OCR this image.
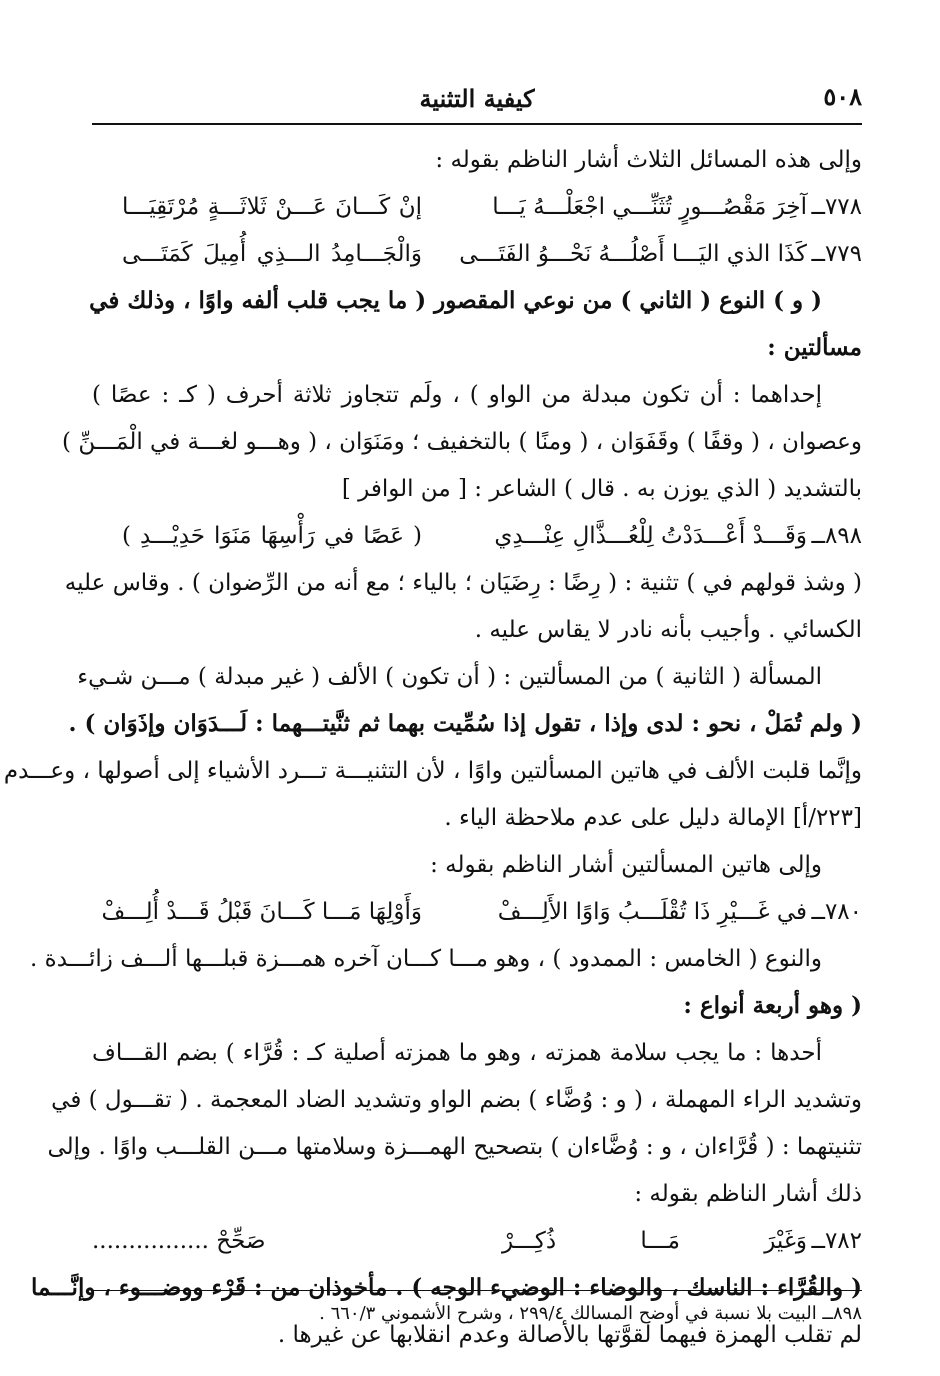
٥٠٨
كيفية التثنية
وإلى هذه المسائل الثلاث أشار الناظم بقوله :
٧٧٨ــ
آخِرَ مَقْصُـــورٍ تُثَنِّـــي اجْعَلْـــهُ يَـــا
إنْ كَـــانَ عَـــنْ ثَلاثَـــةٍ مُرْتَقِيَـــا
٧٧٩ــ
كَذَا الذي اليَـــا أَصْلُـــهُ نَحْـــوُ الفَتَـــى
وَالْجَـــامِدُ الـــذِي أُمِيلَ كَمَتَـــى
( و ) النوع ( الثاني ) من نوعي المقصور ( ما يجب قلب ألفه واوًا ، وذلك في
مسألتين :
إحداهما : أن تكون مبدلة من الواو ) ، ولَم تتجاوز ثلاثة أحرف ( كـ : عصًا )
وعصوان ، ( وقفًا ) وقَفَوَان ، ( ومنًا ) بالتخفيف ؛ ومَنَوَان ، ( وهـــو لغـــة في الْمَـــنِّ )
بالتشديد ( الذي يوزن به . قال ) الشاعر : [ من الوافر ]
٨٩٨ــ
وَقَـــدْ أَعْـــدَدْتُ لِلْعُـــذَّالِ عِنْـــدِي
( عَصًا في رَأْسِهَا مَنَوَا حَدِيْـــدِ )
( وشذ قولهم في ) تثنية : ( رِضًا : رِضَيَان ؛ بالياء ؛ مع أنه من الرِّضوان ) . وقاس عليه
الكسائي . وأجيب بأنه نادر لا يقاس عليه .
المسألة ( الثانية ) من المسألتين : ( أن تكون ) الألف ( غير مبدلة ) مـــن شـيء
( ولم تُمَلْ ، نحو : لدى وإذا ، تقول إذا سُمِّيت بهما ثم ثنَّيتـــهما : لَـــدَوَان وإذَوَان ) .
وإنَّما قلبت الألف في هاتين المسألتين واوًا ، لأن التثنيـــة تـــرد الأشياء إلى أصولها ، وعـــدم
[٢٢٣/أ] الإمالة دليل على عدم ملاحظة الياء .
وإلى هاتين المسألتين أشار الناظم بقوله :
٧٨٠ــ
في غَـــيْرِ ذَا تُقْلَـــبُ وَاوًا الأَلِـــفْ
وَأَوْلِهَا مَـــا كَـــانَ قَبْلُ قَـــدْ أُلِـــفْ
والنوع ( الخامس : الممدود ) ، وهو مـــا كـــان آخره همـــزة قبلـــها ألـــف زائـــدة .
( وهو أربعة أنواع :
أحدها : ما يجب سلامة همزته ، وهو ما همزته أصلية كـ : قُرَّاء ) بضم القـــاف
وتشديد الراء المهملة ، ( و : وُضَّاء ) بضم الواو وتشديد الضاد المعجمة . ( تقـــول ) في
تثنيتهما : ( قُرَّاءان ، و : وُضَّاءان ) بتصحيح الهمـــزة وسلامتها مـــن القلـــب واوًا . وإلى
ذلك أشار الناظم بقوله :
٧٨٢ــ
وَغَيْرَ مَـــا ذُكِـــرْ
صَحِّحْ ................
( والقُرَّاء : الناسك ، والوضاء : الوضيء الوجه ) . مأخوذان من : قَرْء ووضـــوء ، وإنَّـــما
لم تقلب الهمزة فيهما لقوَّتها بالأصالة وعدم انقلابها عن غيرها .
٨٩٨ــ البيت بلا نسبة في أوضح المسالك ٢٩٩/٤ ، وشرح الأشموني ٦٦٠/٣ .
